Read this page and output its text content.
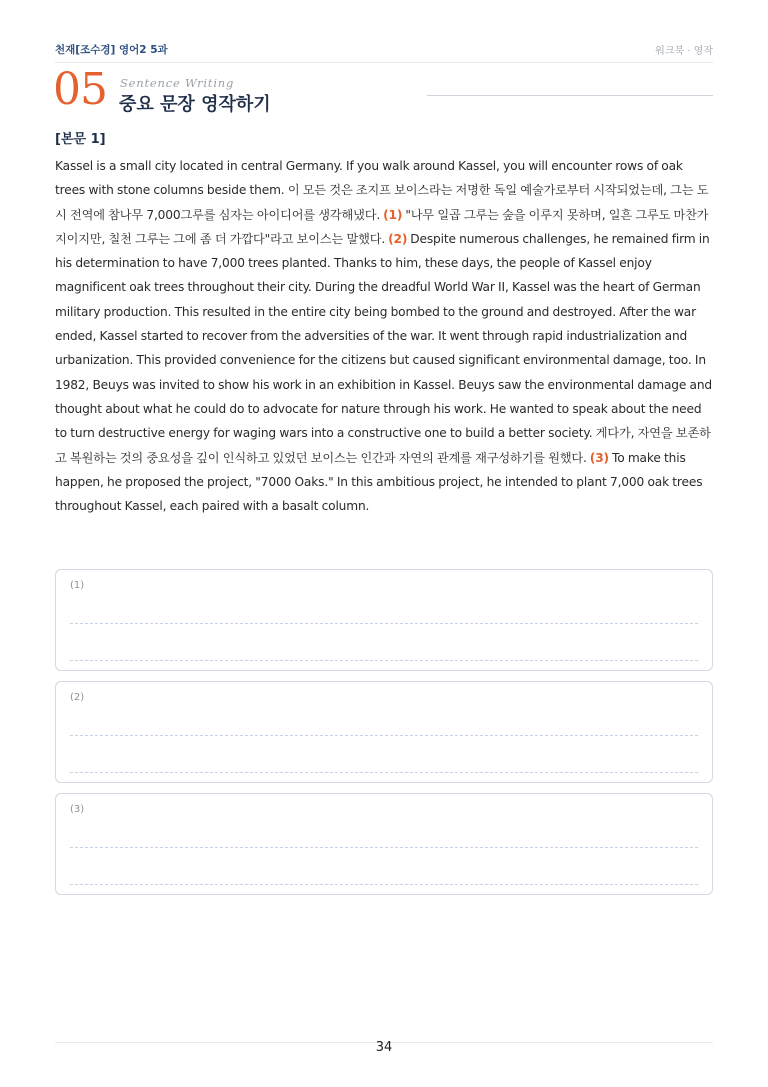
천재[조수경] 영어2 5과	워크북 · 영작
05 Sentence Writing
중요 문장 영작하기
[본문 1]

Kassel is a small city located in central Germany. If you walk around Kassel, you will encounter rows of oak trees with stone columns beside them. 이 모든 것은 조지프 보이스라는 저명한 독일 예술가로부터 시작되었는데, 그는 도시 전역에 참나무 7,000그루를 심자는 아이디어를 생각해냈다. (1) "나무 일곱 그루는 숲을 이루지 못하며, 일흔 그루도 마찬가지이지만, 칠천 그루는 그에 좀 더 가깝다"라고 보이스는 말했다. (2) Despite numerous challenges, he remained firm in his determination to have 7,000 trees planted. Thanks to him, these days, the people of Kassel enjoy magnificent oak trees throughout their city. During the dreadful World War II, Kassel was the heart of German military production. This resulted in the entire city being bombed to the ground and destroyed. After the war ended, Kassel started to recover from the adversities of the war. It went through rapid industrialization and urbanization. This provided convenience for the citizens but caused significant environmental damage, too. In 1982, Beuys was invited to show his work in an exhibition in Kassel. Beuys saw the environmental damage and thought about what he could do to advocate for nature through his work. He wanted to speak about the need to turn destructive energy for waging wars into a constructive one to build a better society. 게다가, 자연을 보존하고 복원하는 것의 중요성을 깊이 인식하고 있었던 보이스는 인간과 자연의 관계를 재구성하기를 원했다. (3) To make this happen, he proposed the project, "7000 Oaks." In this ambitious project, he intended to plant 7,000 oak trees throughout Kassel, each paired with a basalt column.

(1)
(2)
(3)
34
